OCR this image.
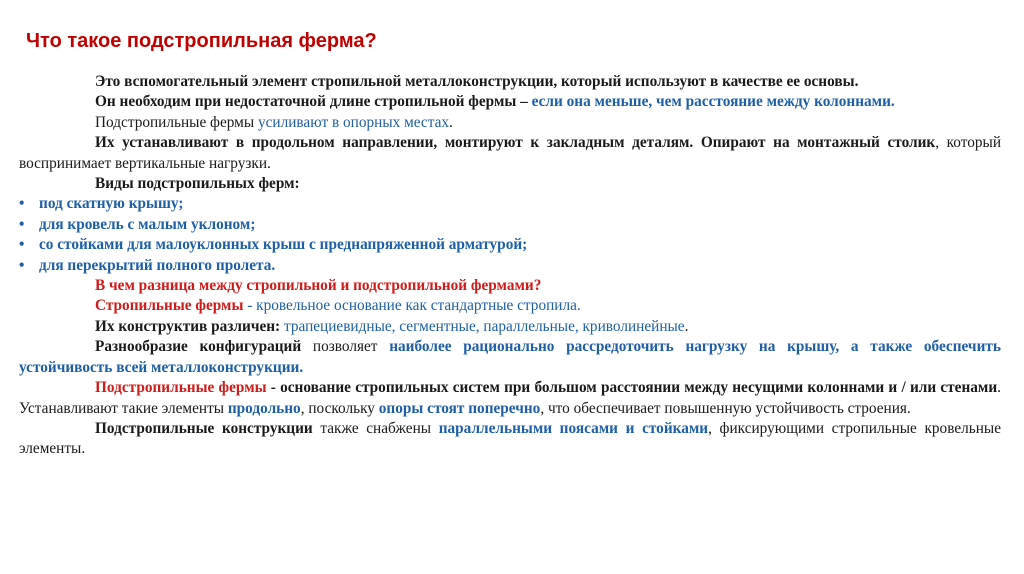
Что такое подстропильная ферма?

Это вспомогательный элемент стропильной металлоконструкции, который используют в качестве ее основы.

Он необходим при недостаточной длине стропильной фермы – если она меньше, чем расстояние между колоннами.

Подстропильные фермы усиливают в опорных местах.

Их устанавливают в продольном направлении, монтируют к закладным деталям. Опирают на монтажный столик, который воспринимает вертикальные нагрузки.

Виды подстропильных ферм:

• под скатную крышу;
• для кровель с малым уклоном;
• со стойками для малоуклонных крыш с преднапряженной арматурой;
• для перекрытий полного пролета.

В чем разница между стропильной и подстропильной фермами?

Стропильные фермы - кровельное основание как стандартные стропила.

Их конструктив различен: трапециевидные, сегментные, параллельные, криволинейные.

Разнообразие конфигураций позволяет наиболее рационально рассредоточить нагрузку на крышу, а также обеспечить устойчивость всей металлоконструкции.

Подстропильные фермы - основание стропильных систем при большом расстоянии между несущими колоннами и / или стенами. Устанавливают такие элементы продольно, поскольку опоры стоят поперечно, что обеспечивает повышенную устойчивость строения.

Подстропильные конструкции также снабжены параллельными поясами и стойками, фиксирующими стропильные кровельные элементы.
